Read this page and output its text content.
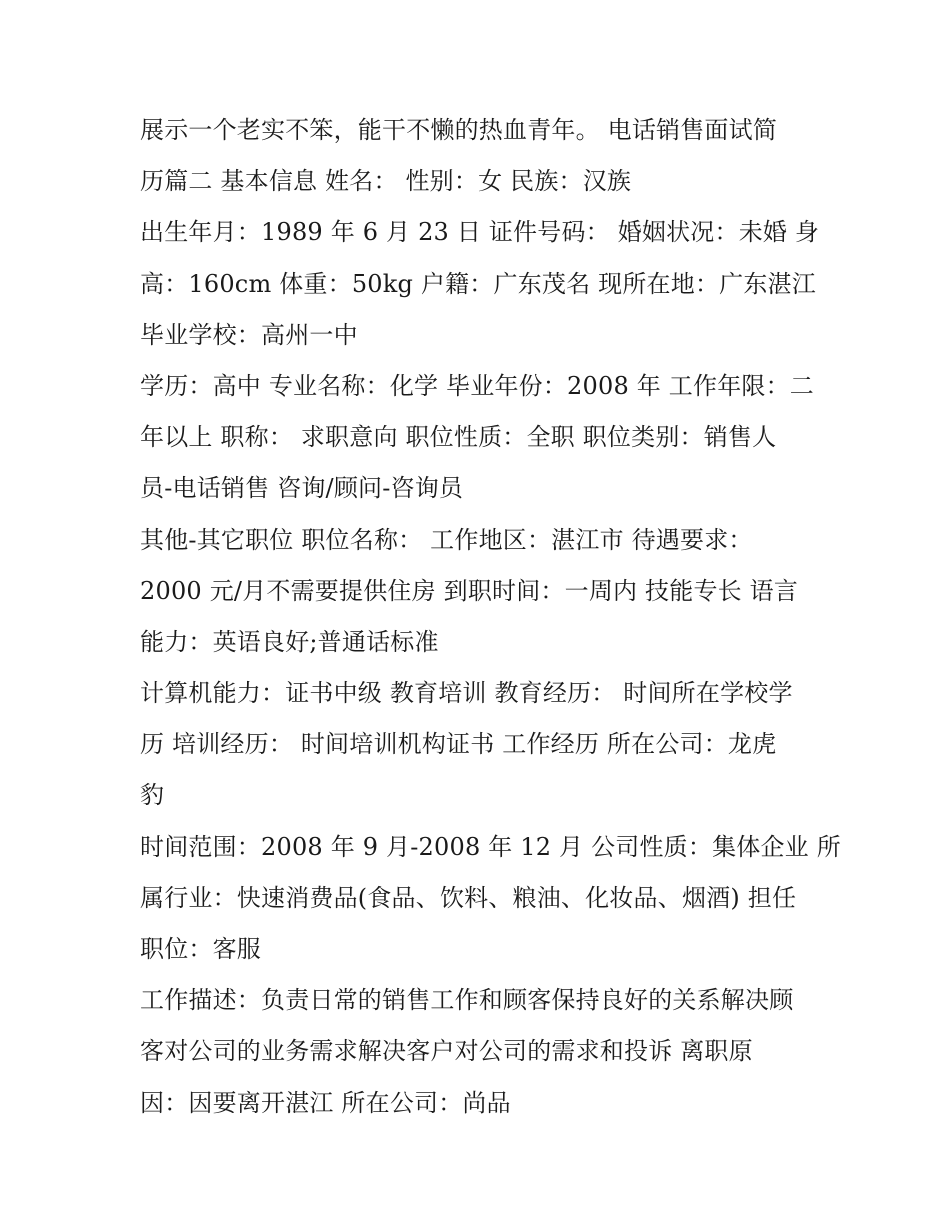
展示一个老实不笨，能干不懒的热血青年。 电话销售面试简
历篇二 基本信息 姓名： 性别：女 民族：汉族
出生年月：1989 年 6 月 23 日 证件号码： 婚姻状况：未婚 身
高：160cm 体重：50kg 户籍：广东茂名 现所在地：广东湛江
毕业学校：高州一中
学历：高中 专业名称：化学 毕业年份：2008 年 工作年限：二
年以上 职称： 求职意向 职位性质：全职 职位类别：销售人
员-电话销售 咨询/顾问-咨询员
其他-其它职位 职位名称： 工作地区：湛江市 待遇要求：
2000 元/月不需要提供住房 到职时间：一周内 技能专长 语言
能力：英语良好;普通话标准
计算机能力：证书中级 教育培训 教育经历： 时间所在学校学
历 培训经历： 时间培训机构证书 工作经历 所在公司：龙虎
豹
时间范围：2008 年 9 月-2008 年 12 月 公司性质：集体企业 所
属行业：快速消费品(食品、饮料、粮油、化妆品、烟酒) 担任
职位：客服
工作描述：负责日常的销售工作和顾客保持良好的关系解决顾
客对公司的业务需求解决客户对公司的需求和投诉 离职原
因：因要离开湛江 所在公司：尚品
